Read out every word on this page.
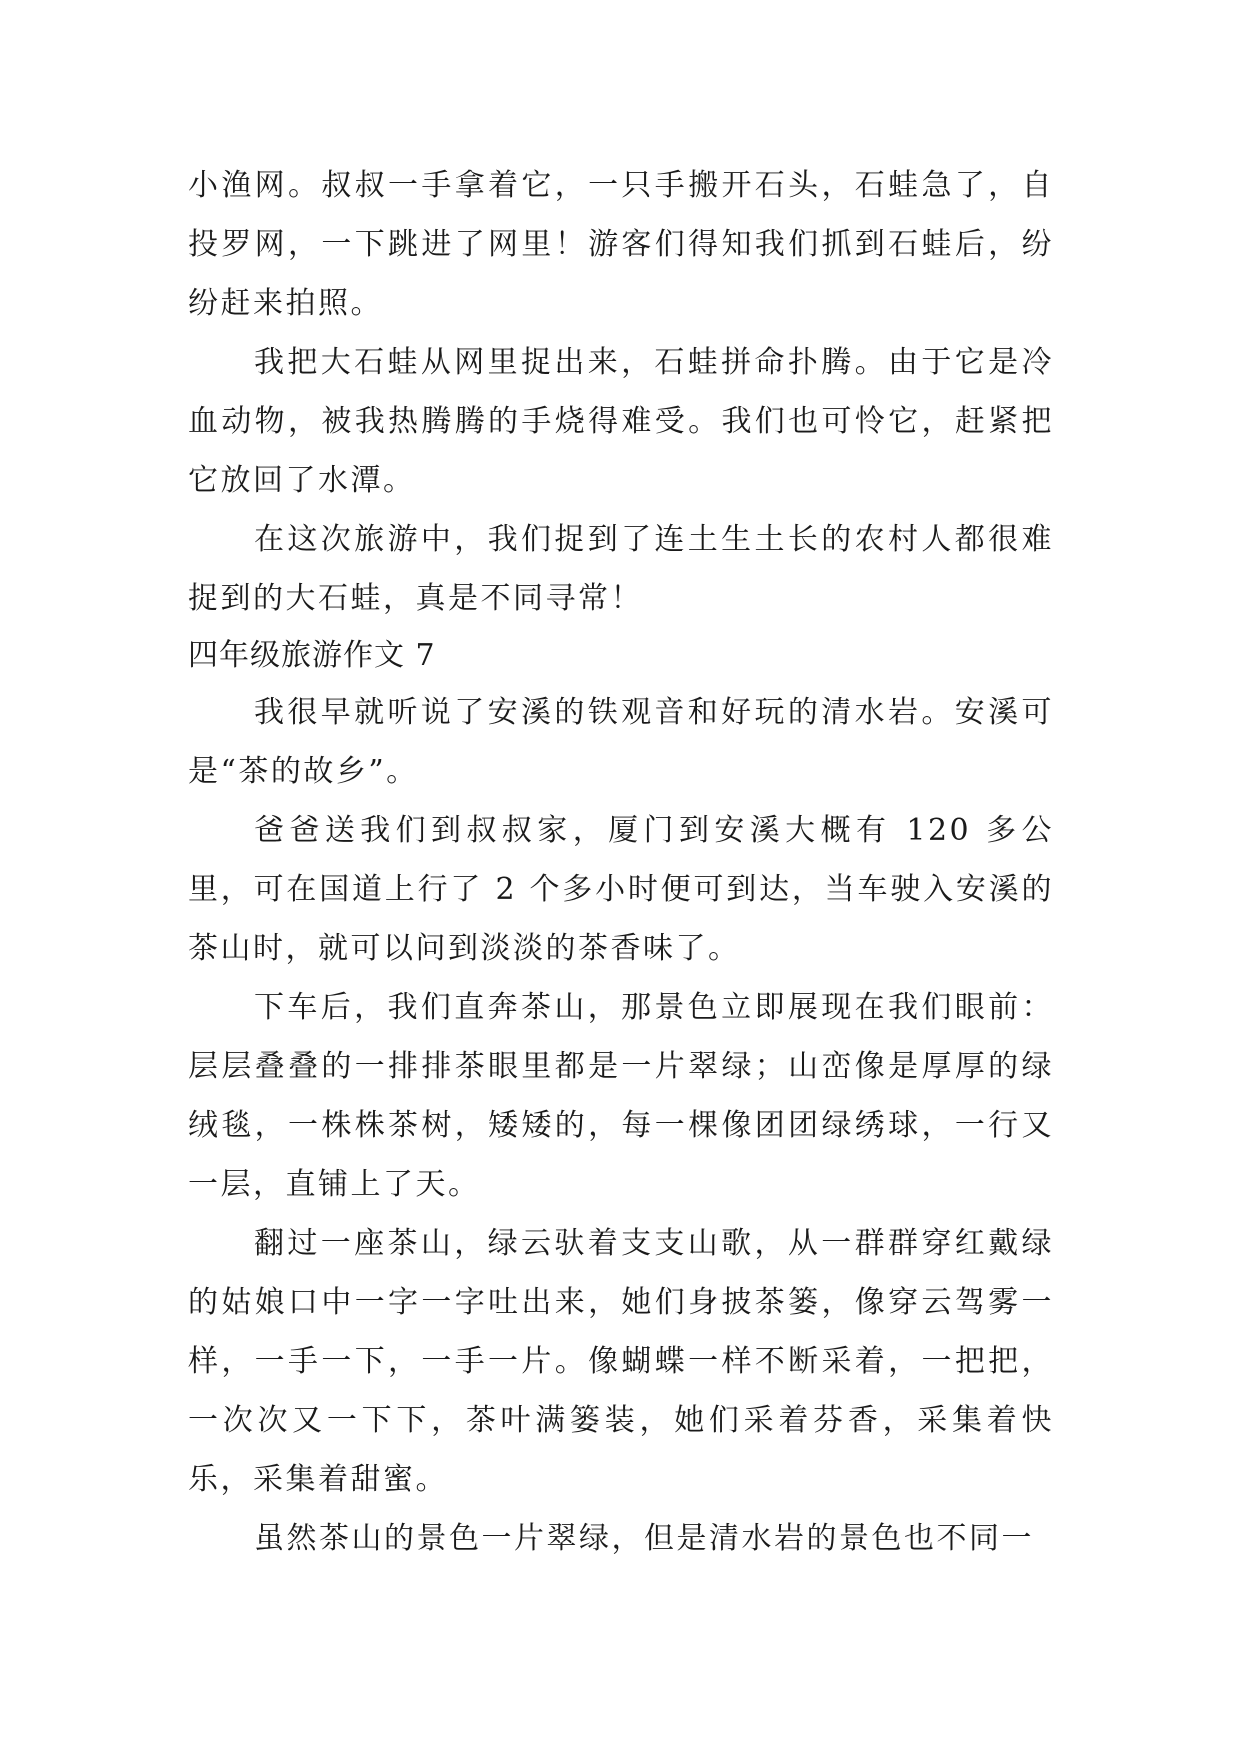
小渔网。叔叔一手拿着它，一只手搬开石头，石蛙急了，自投罗网，一下跳进了网里！游客们得知我们抓到石蛙后，纷纷赶来拍照。

我把大石蛙从网里捉出来，石蛙拼命扑腾。由于它是冷血动物，被我热腾腾的手烧得难受。我们也可怜它，赶紧把它放回了水潭。

在这次旅游中，我们捉到了连土生土长的农村人都很难捉到的大石蛙，真是不同寻常！

四年级旅游作文 7

我很早就听说了安溪的铁观音和好玩的清水岩。安溪可是“茶的故乡”。

爸爸送我们到叔叔家，厦门到安溪大概有 120 多公里，可在国道上行了 2 个多小时便可到达，当车驶入安溪的茶山时，就可以问到淡淡的茶香味了。

下车后，我们直奔茶山，那景色立即展现在我们眼前：层层叠叠的一排排茶眼里都是一片翠绿；山峦像是厚厚的绿绒毯，一株株茶树，矮矮的，每一棵像团团绿绣球，一行又一层，直铺上了天。

翻过一座茶山，绿云驮着支支山歌，从一群群穿红戴绿的姑娘口中一字一字吐出来，她们身披茶篓，像穿云驾雾一样，一手一下，一手一片。像蝴蝶一样不断采着，一把把，一次次又一下下，茶叶满篓装，她们采着芬香，采集着快乐，采集着甜蜜。

虽然茶山的景色一片翠绿，但是清水岩的景色也不同一
